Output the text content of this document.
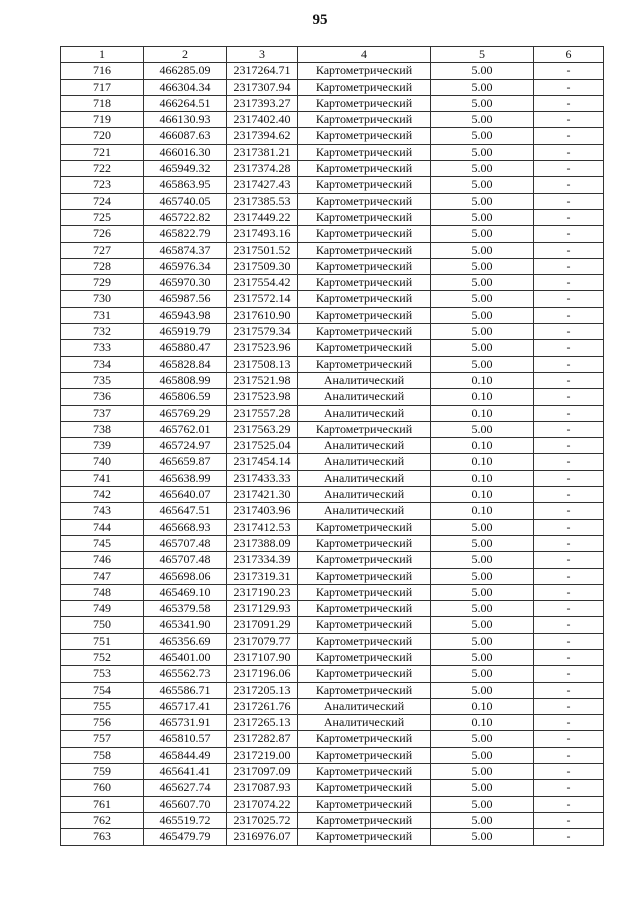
95
1	2	3	4	5	6
716	466285.09	2317264.71	Картометрический	5.00	-
717	466304.34	2317307.94	Картометрический	5.00	-
718	466264.51	2317393.27	Картометрический	5.00	-
719	466130.93	2317402.40	Картометрический	5.00	-
720	466087.63	2317394.62	Картометрический	5.00	-
721	466016.30	2317381.21	Картометрический	5.00	-
722	465949.32	2317374.28	Картометрический	5.00	-
723	465863.95	2317427.43	Картометрический	5.00	-
724	465740.05	2317385.53	Картометрический	5.00	-
725	465722.82	2317449.22	Картометрический	5.00	-
726	465822.79	2317493.16	Картометрический	5.00	-
727	465874.37	2317501.52	Картометрический	5.00	-
728	465976.34	2317509.30	Картометрический	5.00	-
729	465970.30	2317554.42	Картометрический	5.00	-
730	465987.56	2317572.14	Картометрический	5.00	-
731	465943.98	2317610.90	Картометрический	5.00	-
732	465919.79	2317579.34	Картометрический	5.00	-
733	465880.47	2317523.96	Картометрический	5.00	-
734	465828.84	2317508.13	Картометрический	5.00	-
735	465808.99	2317521.98	Аналитический	0.10	-
736	465806.59	2317523.98	Аналитический	0.10	-
737	465769.29	2317557.28	Аналитический	0.10	-
738	465762.01	2317563.29	Картометрический	5.00	-
739	465724.97	2317525.04	Аналитический	0.10	-
740	465659.87	2317454.14	Аналитический	0.10	-
741	465638.99	2317433.33	Аналитический	0.10	-
742	465640.07	2317421.30	Аналитический	0.10	-
743	465647.51	2317403.96	Аналитический	0.10	-
744	465668.93	2317412.53	Картометрический	5.00	-
745	465707.48	2317388.09	Картометрический	5.00	-
746	465707.48	2317334.39	Картометрический	5.00	-
747	465698.06	2317319.31	Картометрический	5.00	-
748	465469.10	2317190.23	Картометрический	5.00	-
749	465379.58	2317129.93	Картометрический	5.00	-
750	465341.90	2317091.29	Картометрический	5.00	-
751	465356.69	2317079.77	Картометрический	5.00	-
752	465401.00	2317107.90	Картометрический	5.00	-
753	465562.73	2317196.06	Картометрический	5.00	-
754	465586.71	2317205.13	Картометрический	5.00	-
755	465717.41	2317261.76	Аналитический	0.10	-
756	465731.91	2317265.13	Аналитический	0.10	-
757	465810.57	2317282.87	Картометрический	5.00	-
758	465844.49	2317219.00	Картометрический	5.00	-
759	465641.41	2317097.09	Картометрический	5.00	-
760	465627.74	2317087.93	Картометрический	5.00	-
761	465607.70	2317074.22	Картометрический	5.00	-
762	465519.72	2317025.72	Картометрический	5.00	-
763	465479.79	2316976.07	Картометрический	5.00	-
